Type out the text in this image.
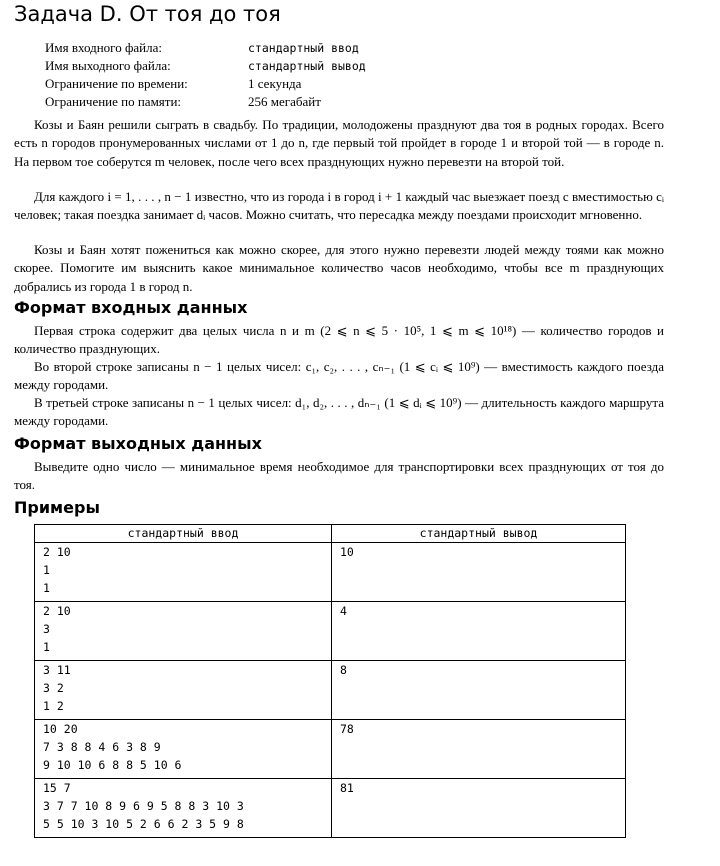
Задача D. От тоя до тоя
Имя входного файла:	стандартный ввод
Имя выходного файла:	стандартный вывод
Ограничение по времени:	1 секунда
Ограничение по памяти:	256 мегабайт
Козы и Баян решили сыграть в свадьбу. По традиции, молодожены празднуют два тоя в родных городах. Всего есть n городов пронумерованных числами от 1 до n, где первый той пройдет в городе 1 и второй той — в городе n. На первом тое соберутся m человек, после чего всех празднующих нужно перевезти на второй той.
Для каждого i = 1, . . . , n − 1 известно, что из города i в город i + 1 каждый час выезжает поезд с вместимостью cᵢ человек; такая поездка занимает dᵢ часов. Можно считать, что пересадка между поездами происходит мгновенно.
Козы и Баян хотят пожениться как можно скорее, для этого нужно перевезти людей между тоями как можно скорее. Помогите им выяснить какое минимальное количество часов необходимо, чтобы все m празднующих добрались из города 1 в город n.
Формат входных данных
Первая строка содержит два целых числа n и m (2 ⩽ n ⩽ 5 · 10⁵, 1 ⩽ m ⩽ 10¹⁸) — количество городов и количество празднующих.
Во второй строке записаны n − 1 целых чисел: c₁, c₂, . . . , cₙ₋₁ (1 ⩽ cᵢ ⩽ 10⁹) — вместимость каждого поезда между городами.
В третьей строке записаны n − 1 целых чисел: d₁, d₂, . . . , dₙ₋₁ (1 ⩽ dᵢ ⩽ 10⁹) — длительность каждого маршрута между городами.
Формат выходных данных
Выведите одно число — минимальное время необходимое для транспортировки всех празднующих от тоя до тоя.
Примеры
стандартный ввод	стандартный вывод

2 10
1
1	10

2 10
3
1	4

3 11
3 2
1 2	8

10 20
7 3 8 8 4 6 3 8 9
9 10 10 6 8 8 5 10 6	78

15 7
3 7 7 10 8 9 6 9 5 8 8 3 10 3
5 5 10 3 10 5 2 6 6 2 3 5 9 8	81
